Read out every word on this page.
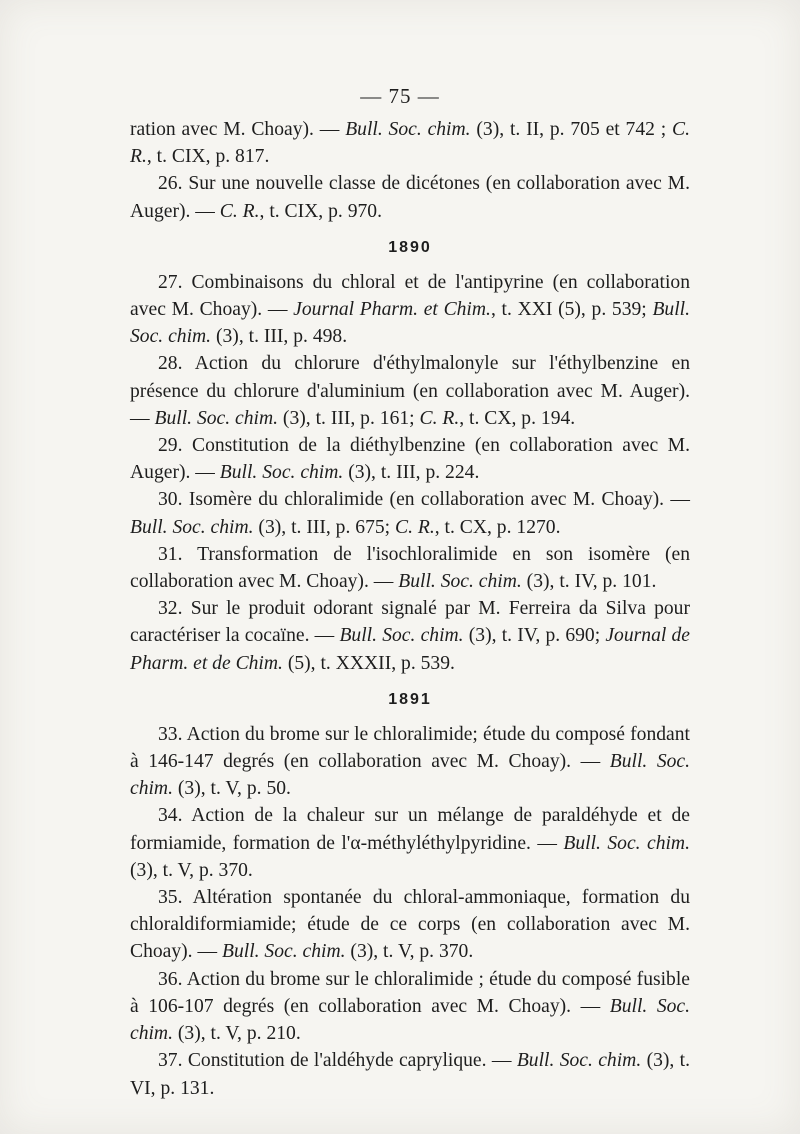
— 75 —

ration avec M. Choay). — Bull. Soc. chim. (3), t. II, p. 705 et 742 ; C. R., t. CIX, p. 817.

26. Sur une nouvelle classe de dicétones (en collaboration avec M. Auger). — C. R., t. CIX, p. 970.

1890

27. Combinaisons du chloral et de l'antipyrine (en collaboration avec M. Choay). — Journal Pharm. et Chim., t. XXI (5), p. 539; Bull. Soc. chim. (3), t. III, p. 498.

28. Action du chlorure d'éthylmalonyle sur l'éthylbenzine en présence du chlorure d'aluminium (en collaboration avec M. Auger). — Bull. Soc. chim. (3), t. III, p. 161; C. R., t. CX, p. 194.

29. Constitution de la diéthylbenzine (en collaboration avec M. Auger). — Bull. Soc. chim. (3), t. III, p. 224.

30. Isomère du chloralimide (en collaboration avec M. Choay). — Bull. Soc. chim. (3), t. III, p. 675; C. R., t. CX, p. 1270.

31. Transformation de l'isochloralimide en son isomère (en collaboration avec M. Choay). — Bull. Soc. chim. (3), t. IV, p. 101.

32. Sur le produit odorant signalé par M. Ferreira da Silva pour caractériser la cocaïne. — Bull. Soc. chim. (3), t. IV, p. 690; Journal de Pharm. et de Chim. (5), t. XXXII, p. 539.

1891

33. Action du brome sur le chloralimide; étude du composé fondant à 146-147 degrés (en collaboration avec M. Choay). — Bull. Soc. chim. (3), t. V, p. 50.

34. Action de la chaleur sur un mélange de paraldéhyde et de formiamide, formation de l'α-méthyléthylpyridine. — Bull. Soc. chim. (3), t. V, p. 370.

35. Altération spontanée du chloral-ammoniaque, formation du chloraldiformiamide; étude de ce corps (en collaboration avec M. Choay). — Bull. Soc. chim. (3), t. V, p. 370.

36. Action du brome sur le chloralimide ; étude du composé fusible à 106-107 degrés (en collaboration avec M. Choay). — Bull. Soc. chim. (3), t. V, p. 210.

37. Constitution de l'aldéhyde caprylique. — Bull. Soc. chim. (3), t. VI, p. 131.
